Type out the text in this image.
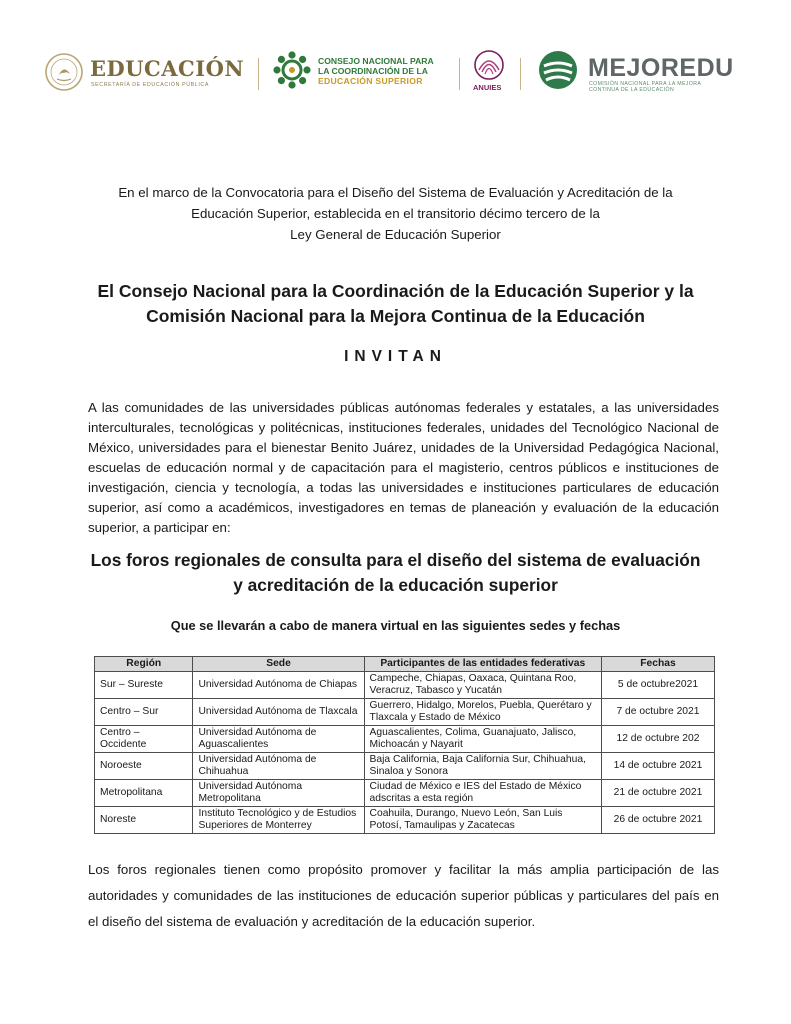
EDUCACIÓN
SECRETARÍA DE EDUCACIÓN PÚBLICA
CONSEJO NACIONAL PARA
LA COORDINACIÓN DE LA
EDUCACIÓN SUPERIOR
ANUIES
MEJOREDU
COMISIÓN NACIONAL PARA LA MEJORA
CONTINUA DE LA EDUCACIÓN
En el marco de la Convocatoria para el Diseño del Sistema de Evaluación y Acreditación de la
Educación Superior, establecida en el transitorio décimo tercero de la
Ley General de Educación Superior
El Consejo Nacional para la Coordinación de la Educación Superior y la
Comisión Nacional para la Mejora Continua de la Educación
INVITAN
A las comunidades de las universidades públicas autónomas federales y estatales, a las universidades interculturales, tecnológicas y politécnicas, instituciones federales, unidades del Tecnológico Nacional de México, universidades para el bienestar Benito Juárez, unidades de la Universidad Pedagógica Nacional, escuelas de educación normal y de capacitación para el magisterio, centros públicos e instituciones de investigación, ciencia y tecnología, a todas las universidades e instituciones particulares de educación superior, así como a académicos, investigadores en temas de planeación y evaluación de la educación superior, a participar en:
Los foros regionales de consulta para el diseño del sistema de evaluación
y acreditación de la educación superior
Que se llevarán a cabo de manera virtual en las siguientes sedes y fechas
Región	Sede	Participantes de las entidades federativas	Fechas
Sur – Sureste	Universidad Autónoma de Chiapas	Campeche, Chiapas, Oaxaca, Quintana Roo, Veracruz, Tabasco y Yucatán	5 de octubre2021
Centro – Sur	Universidad Autónoma de Tlaxcala	Guerrero, Hidalgo, Morelos, Puebla, Querétaro y Tlaxcala y Estado de México	7 de octubre 2021
Centro – Occidente	Universidad Autónoma de Aguascalientes	Aguascalientes, Colima, Guanajuato, Jalisco, Michoacán y Nayarit	12 de octubre 202
Noroeste	Universidad Autónoma de Chihuahua	Baja California, Baja California Sur, Chihuahua, Sinaloa y Sonora	14 de octubre 2021
Metropolitana	Universidad Autónoma Metropolitana	Ciudad de México e IES del Estado de México adscritas a esta región	21 de octubre 2021
Noreste	Instituto Tecnológico y de Estudios Superiores de Monterrey	Coahuila, Durango, Nuevo León, San Luis Potosí, Tamaulipas y Zacatecas	26 de octubre 2021
Los foros regionales tienen como propósito promover y facilitar la más amplia participación de las autoridades y comunidades de las instituciones de educación superior públicas y particulares del país en el diseño del sistema de evaluación y acreditación de la educación superior.
